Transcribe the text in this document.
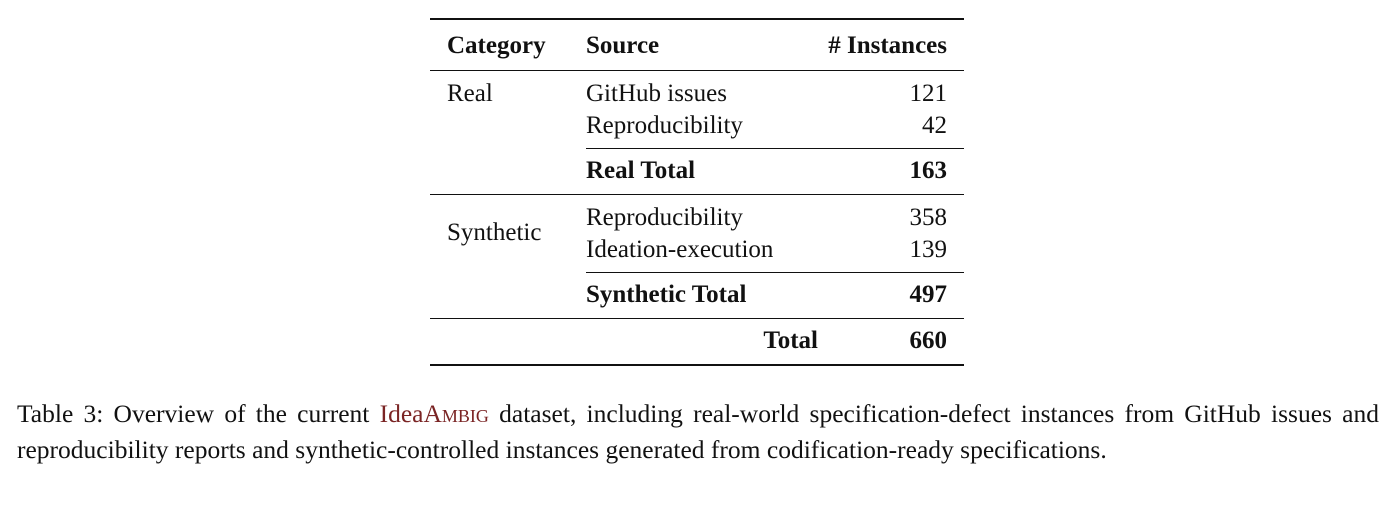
Category	Source	# Instances
Real	GitHub issues	121
	Reproducibility	42
	Real Total	163
Synthetic	Reproducibility	358
	Ideation-execution	139
	Synthetic Total	497
	Total	660
Table 3: Overview of the current IdeaAmbig dataset, including real-world specification-defect instances from GitHub issues and reproducibility reports and synthetic-controlled instances generated from codification-ready specifications.
